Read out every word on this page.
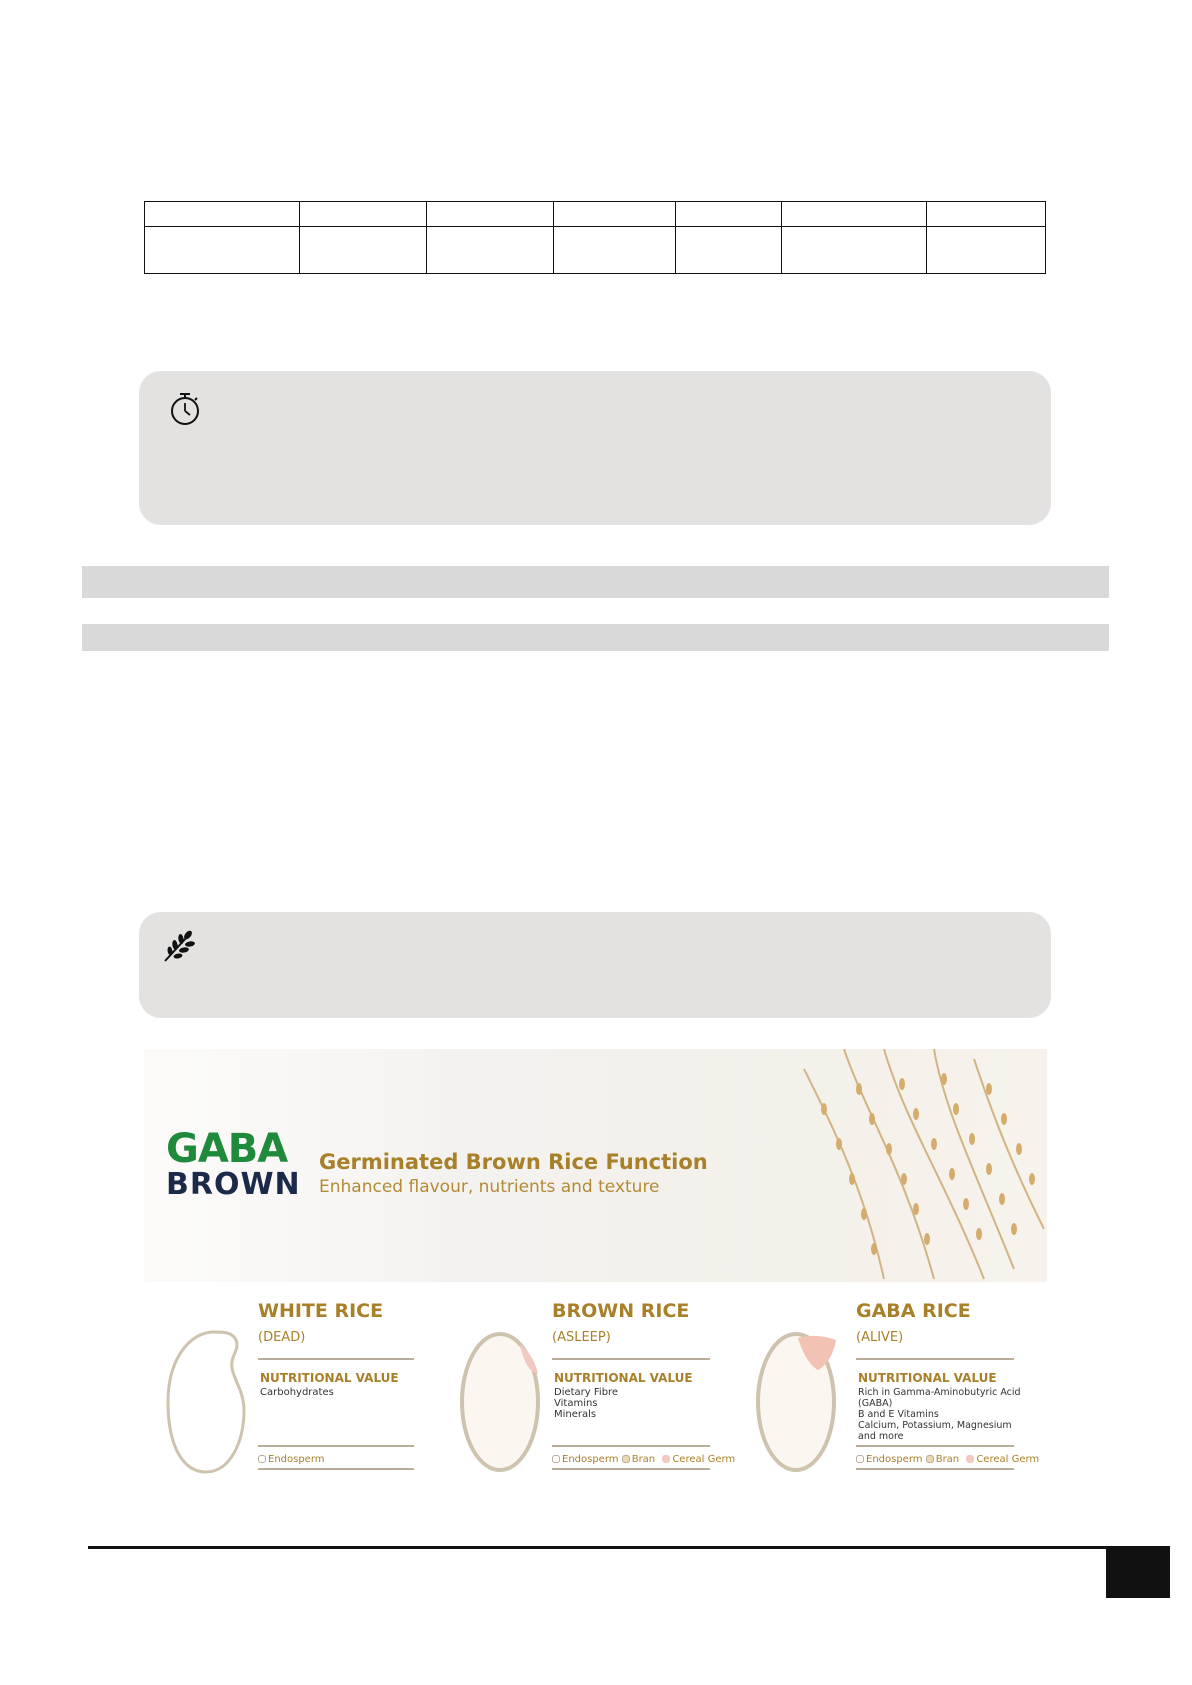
GABA
BROWN
Germinated Brown Rice Function
Enhanced flavour, nutrients and texture
WHITE RICE
(DEAD)
NUTRITIONAL VALUE
Carbohydrates
Endosperm
BROWN RICE
(ASLEEP)
NUTRITIONAL VALUE
Dietary Fibre
Vitamins
Minerals
Endosperm Bran Cereal Germ
GABA RICE
(ALIVE)
NUTRITIONAL VALUE
Rich in Gamma-Aminobutyric Acid (GABA)
B and E Vitamins
Calcium, Potassium, Magnesium
and more
Endosperm Bran Cereal Germ
